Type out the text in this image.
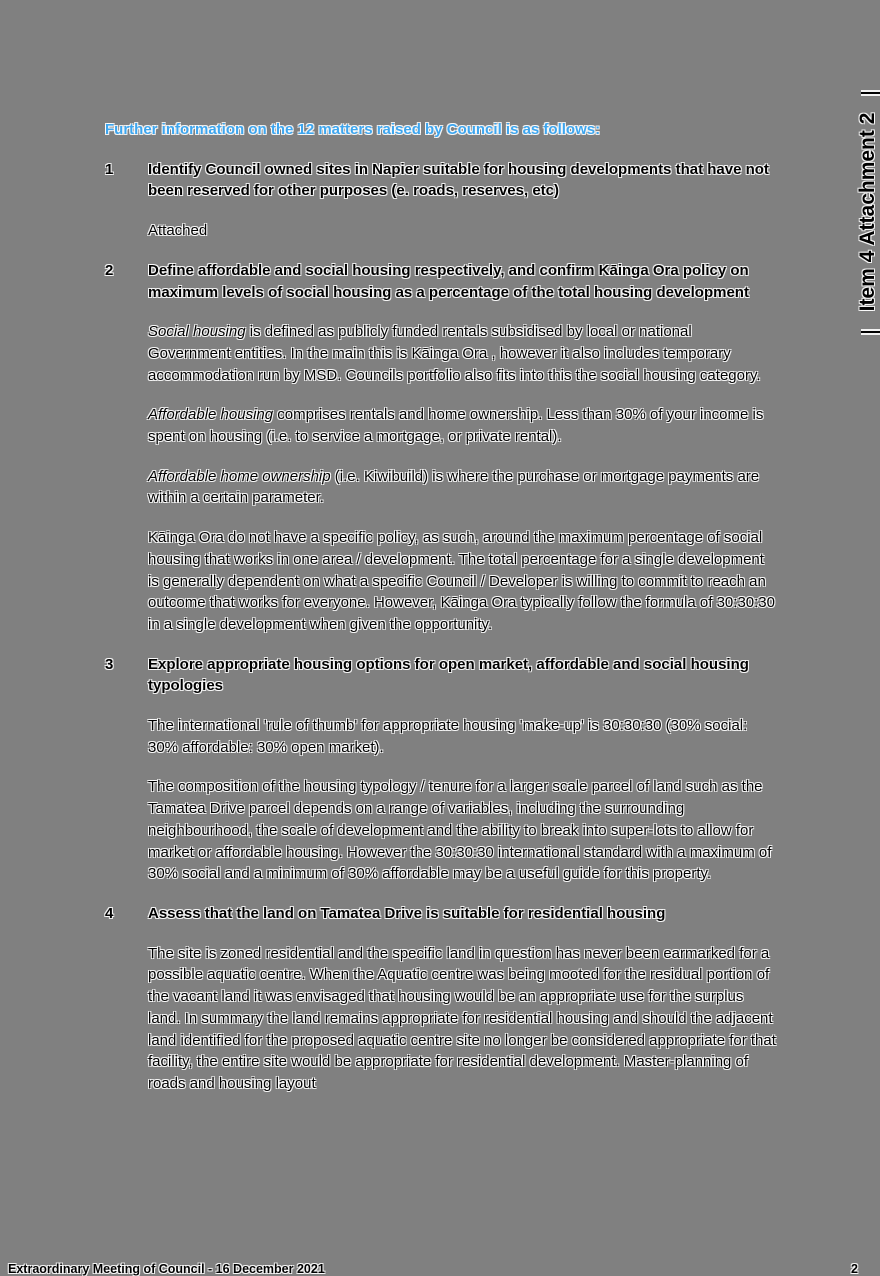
Further information on the 12 matters raised by Council is as follows:

1	Identify Council owned sites in Napier suitable for housing developments that have not been reserved for other purposes (e. roads, reserves, etc)

Attached

2	Define affordable and social housing respectively, and confirm Kāinga Ora policy on maximum levels of social housing as a percentage of the total housing development

Social housing is defined as publicly funded rentals subsidised by local or national Government entities. In the main this is Kāinga Ora , however it also includes temporary accommodation run by MSD. Councils portfolio also fits into this the social housing category.

Affordable housing comprises rentals and home ownership. Less than 30% of your income is spent on housing (i.e. to service a mortgage, or private rental).

Affordable home ownership (i.e. Kiwibuild) is where the purchase or mortgage payments are within a certain parameter.

Kāinga Ora do not have a specific policy, as such, around the maximum percentage of social housing that works in one area / development. The total percentage for a single development is generally dependent on what a specific Council / Developer is willing to commit to reach an outcome that works for everyone. However, Kāinga Ora typically follow the formula of 30:30:30 in a single development when given the opportunity.

3	Explore appropriate housing options for open market, affordable and social housing typologies

The international 'rule of thumb' for appropriate housing 'make-up' is 30:30:30 (30% social: 30% affordable: 30% open market).

The composition of the housing typology / tenure for a larger scale parcel of land such as the Tamatea Drive parcel depends on a range of variables, including the surrounding neighbourhood, the scale of development and the ability to break into super-lots to allow for market or affordable housing. However the 30:30:30 international standard with a maximum of 30% social and a minimum of 30% affordable may be a useful guide for this property.

4	Assess that the land on Tamatea Drive is suitable for residential housing

The site is zoned residential and the specific land in question has never been earmarked for a possible aquatic centre. When the Aquatic centre was being mooted for the residual portion of the vacant land it was envisaged that housing would be an appropriate use for the surplus land. In summary the land remains appropriate for residential housing and should the adjacent land identified for the proposed aquatic centre site no longer be considered appropriate for that facility, the entire site would be appropriate for residential development. Master-planning of roads and housing layout

Item 4 Attachment 2
Extraordinary Meeting of Council - 16 December 2021	2
